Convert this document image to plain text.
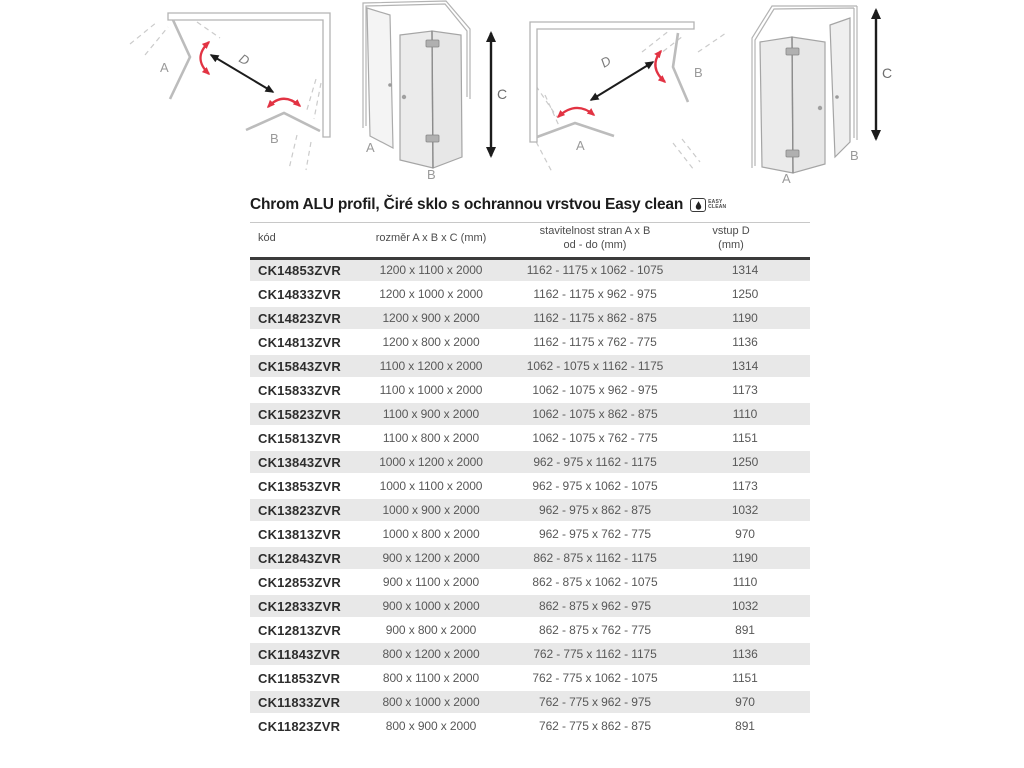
A
B
D
A
B
C
A
B
D
A
B
C
Chrom ALU profil, Čiré sklo s ochrannou vrstvou Easy clean	EASY
CLEAN
kód	rozměr A x B x C (mm)	stavitelnost stran A x B
od - do (mm)	vstup D
(mm)
CK14853ZVR	1200 x 1100 x 2000	1162 - 1175 x 1062 - 1075	1314
CK14833ZVR	1200 x 1000 x 2000	1162 - 1175 x 962 - 975	1250
CK14823ZVR	1200 x 900 x 2000	1162 - 1175 x 862 - 875	1190
CK14813ZVR	1200 x 800 x 2000	1162 - 1175 x 762 - 775	1136
CK15843ZVR	1100 x 1200 x 2000	1062 - 1075 x 1162 - 1175	1314
CK15833ZVR	1100 x 1000 x 2000	1062 - 1075 x 962 - 975	1173
CK15823ZVR	1100 x 900 x 2000	1062 - 1075 x 862 - 875	1110
CK15813ZVR	1100 x 800 x 2000	1062 - 1075 x 762 - 775	1151
CK13843ZVR	1000 x 1200 x 2000	962 - 975 x 1162 - 1175	1250
CK13853ZVR	1000 x 1100 x 2000	962 - 975 x 1062 - 1075	1173
CK13823ZVR	1000 x 900 x 2000	962 - 975 x 862 - 875	1032
CK13813ZVR	1000 x 800 x 2000	962 - 975 x 762 - 775	970
CK12843ZVR	900 x 1200 x 2000	862 - 875 x 1162 - 1175	1190
CK12853ZVR	900 x 1100 x 2000	862 - 875 x 1062 - 1075	1110
CK12833ZVR	900 x 1000 x 2000	862 - 875 x 962 - 975	1032
CK12813ZVR	900 x 800 x 2000	862 - 875 x 762 - 775	891
CK11843ZVR	800 x 1200 x 2000	762 - 775 x 1162 - 1175	1136
CK11853ZVR	800 x 1100 x 2000	762 - 775 x 1062 - 1075	1151
CK11833ZVR	800 x 1000 x 2000	762 - 775 x 962 - 975	970
CK11823ZVR	800 x 900 x 2000	762 - 775 x 862 - 875	891
